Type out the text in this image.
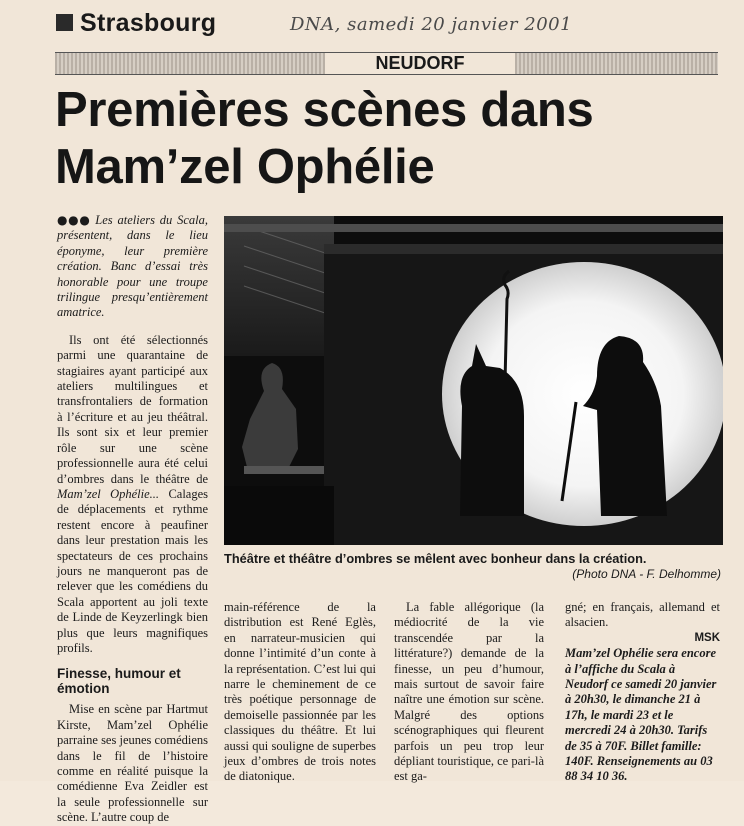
Strasbourg	DNA, samedi 20 janvier 2001
NEUDORF
Premières scènes dans
Mam’zel Ophélie

●●● Les ateliers du Scala, présentent, dans le lieu éponyme, leur première création. Banc d’essai très honorable pour une troupe trilingue presqu’entièrement amatrice.

Ils ont été sélectionnés parmi une quarantaine de stagiaires ayant participé aux ateliers multilingues et transfrontaliers de formation à l’écriture et au jeu théâtral. Ils sont six et leur premier rôle sur une scène professionnelle aura été celui d’ombres dans le théâtre de Mam’zel Ophélie... Calages de déplacements et rythme restent encore à peaufiner dans leur prestation mais les spectateurs de ces prochains jours ne manqueront pas de relever que les comédiens du Scala apportent au joli texte de Linde de Keyzerlingk bien plus que leurs magnifiques profils.

Finesse, humour et émotion

Mise en scène par Hartmut Kirste, Mam’zel Ophélie parraine ses jeunes comédiens dans le fil de l’histoire comme en réalité puisque la comédienne Eva Zeidler est la seule professionnelle sur scène. L’autre coup de

Théâtre et théâtre d’ombres se mêlent avec bonheur dans la création.
(Photo DNA - F. Delhomme)

main-référence de la distribution est René Eglès, en narrateur-musicien qui donne l’intimité d’un conte à la représentation. C’est lui qui narre le cheminement de ce très poétique personnage de demoiselle passionnée par les classiques du théâtre. Et lui aussi qui souligne de superbes jeux d’ombres de trois notes de diatonique.

La fable allégorique (la médiocrité de la vie transcendée par la littérature?) demande de la finesse, un peu d’humour, mais surtout de savoir faire naître une émotion sur scène. Malgré des options scénographiques qui fleurent parfois un peu trop leur dépliant touristique, ce pari-là est ga-

gné; en français, allemand et alsacien.

MSK

Mam’zel Ophélie sera encore à l’affiche du Scala à Neudorf ce samedi 20 janvier à 20h30, le dimanche 21 à 17h, le mardi 23 et le mercredi 24 à 20h30. Tarifs de 35 à 70F. Billet famille: 140F. Renseignements au 03 88 34 10 36.
